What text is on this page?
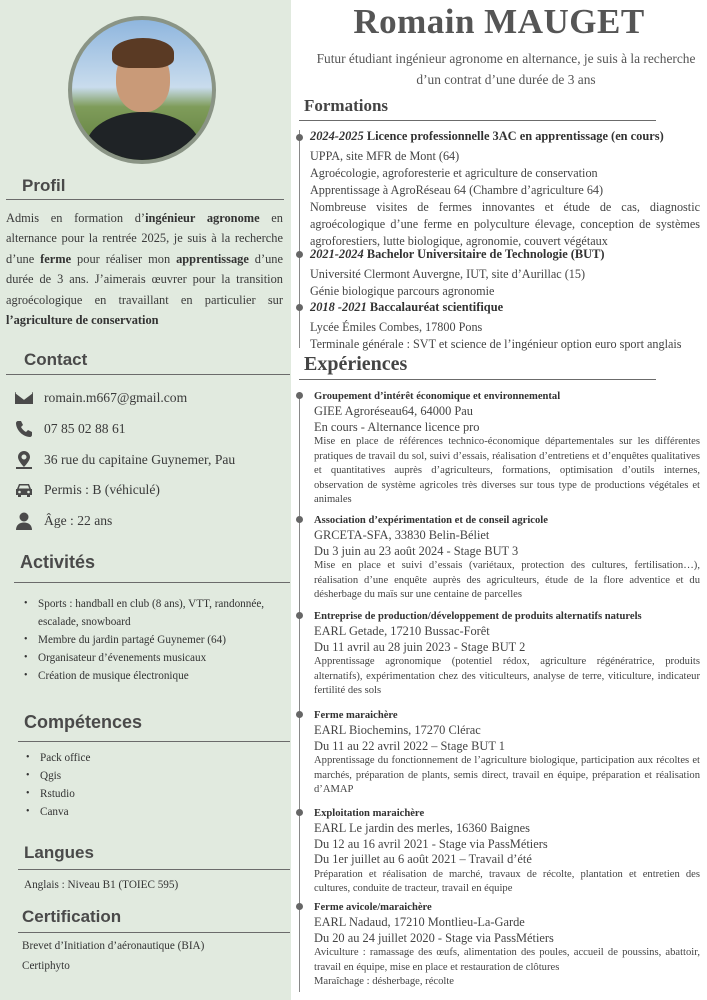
Profil

Admis en formation d’ingénieur agronome en alternance pour la rentrée 2025, je suis à la recherche d’une ferme pour réaliser mon apprentissage d’une durée de 3 ans. J’aimerais œuvrer pour la transition agroécologique en travaillant en particulier sur l’agriculture de conservation

Contact
romain.m667@gmail.com
07 85 02 88 61
36 rue du capitaine Guynemer, Pau
Permis : B (véhiculé)
Âge : 22 ans
Activités
• Sports : handball en club (8 ans), VTT, randonnée, escalade, snowboard
• Membre du jardin partagé Guynemer (64)
• Organisateur d’évenements musicaux
• Création de musique électronique
Compétences
• Pack office
• Qgis
• Rstudio
• Canva
Langues

Anglais : Niveau B1 (TOIEC 595)

Certification

Brevet d’Initiation d’aéronautique (BIA)

Certiphyto

Romain MAUGET

Futur étudiant ingénieur agronome en alternance, je suis à la recherche d’un contrat d’une durée de 3 ans

Formations

2024-2025 Licence professionnelle 3AC en apprentissage (en cours)

UPPA, site MFR de Mont (64)

Agroécologie, agroforesterie et agriculture de conservation

Apprentissage à AgroRéseau 64 (Chambre d’agriculture 64)

Nombreuse visites de fermes innovantes et étude de cas, diagnostic agroécologique d’une ferme en polyculture élevage, conception de systèmes agroforestiers, lutte biologique, agronomie, couvert végétaux

2021-2024 Bachelor Universitaire de Technologie (BUT)

Université Clermont Auvergne, IUT, site d’Aurillac (15)

Génie biologique parcours agronomie

2018 -2021 Baccalauréat scientifique

Lycée Émiles Combes, 17800 Pons

Terminale générale : SVT et science de l’ingénieur option euro sport anglais

Expériences

Groupement d’intérêt économique et environnemental

GIEE Agroréseau64, 64000 Pau

En cours - Alternance licence pro

Mise en place de références technico-économique départementales sur les différentes pratiques de travail du sol, suivi d’essais, réalisation d’entretiens et d’enquêtes qualitatives et quantitatives auprès d’agriculteurs, formations, optimisation d’outils internes, observation de système agricoles très diverses sur tous type de productions végétales et animales

Association d’expérimentation et de conseil agricole

GRCETA-SFA, 33830 Belin-Béliet

Du 3 juin au 23 août 2024 - Stage BUT 3

Mise en place et suivi d’essais (variétaux, protection des cultures, fertilisation…), réalisation d’une enquête auprès des agriculteurs, étude de la flore adventice et du désherbage du maïs sur une centaine de parcelles

Entreprise de production/développement de produits alternatifs naturels

EARL Getade, 17210 Bussac-Forêt

Du 11 avril au 28 juin 2023 - Stage BUT 2

Apprentissage agronomique (potentiel rédox, agriculture régénératrice, produits alternatifs), expérimentation chez des viticulteurs, analyse de terre, viticulture, indicateur fertilité des sols

Ferme maraichère

EARL Biochemins, 17270 Clérac

Du 11 au 22 avril 2022 – Stage BUT 1

Apprentissage du fonctionnement de l’agriculture biologique, participation aux récoltes et marchés, préparation de plants, semis direct, travail en équipe, préparation et réalisation d’AMAP

Exploitation maraichère

EARL Le jardin des merles, 16360 Baignes

Du 12 au 16 avril 2021 - Stage via PassMétiers

Du 1er juillet au 6 août 2021 – Travail d’été

Préparation et réalisation de marché, travaux de récolte, plantation et entretien des cultures, conduite de tracteur, travail en équipe

Ferme avicole/maraichère

EARL Nadaud, 17210 Montlieu-La-Garde

Du 20 au 24 juillet 2020 - Stage via PassMétiers

Aviculture : ramassage des œufs, alimentation des poules, accueil de poussins, abattoir, travail en équipe, mise en place et restauration de clôtures

Maraîchage : désherbage, récolte
